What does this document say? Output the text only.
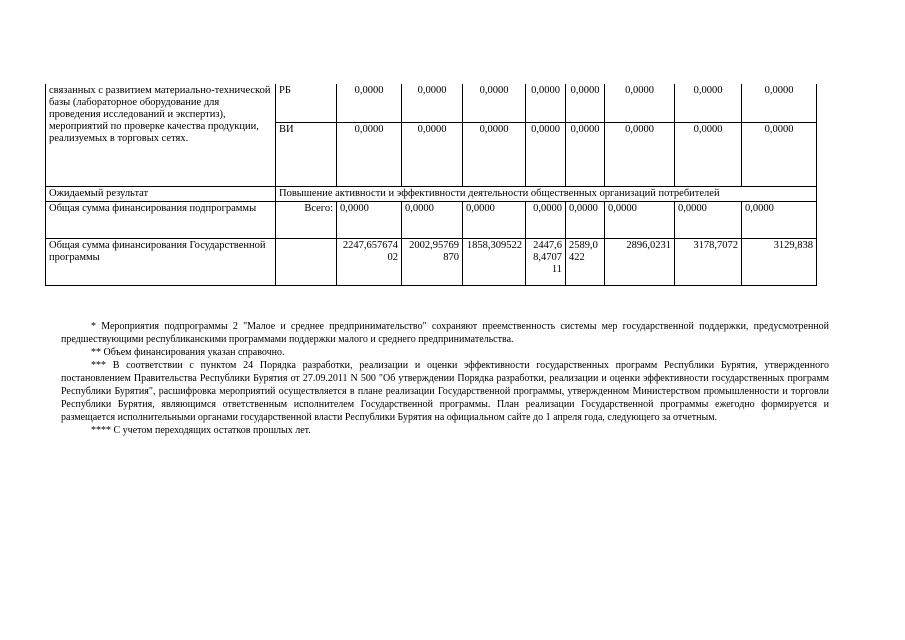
связанных с развитием материально-технической базы (лабораторное оборудование для проведения исследований и экспертиз), мероприятий по проверке качества продукции, реализуемых в торговых сетях.	РБ	0,0000	0,0000	0,0000	0,0000	0,0000	0,0000	0,0000	0,0000
	ВИ	0,0000	0,0000	0,0000	0,0000	0,0000	0,0000	0,0000	0,0000
Ожидаемый результат	Повышение активности и эффективности деятельности общественных организаций потребителей								
Общая сумма финансирования подпрограммы	Всего:	0,0000	0,0000	0,0000	0,0000	0,0000	0,0000	0,0000	0,0000
Общая сумма финансирования Государственной программы		2247,65767402	2002,95769870	1858,309522	2447,68,470711	2589,0422	2896,0231	3178,7072	3129,838

* Мероприятия подпрограммы 2 "Малое и среднее предпринимательство" сохраняют преемственность системы мер государственной поддержки, предусмотренной предшествующими республиканскими программами поддержки малого и среднего предпринимательства.

** Объем финансирования указан справочно.

*** В соответствии с пунктом 24 Порядка разработки, реализации и оценки эффективности государственных программ Республики Бурятия, утвержденного постановлением Правительства Республики Бурятия от 27.09.2011 N 500 "Об утверждении Порядка разработки, реализации и оценки эффективности государственных программ Республики Бурятия", расшифровка мероприятий осуществляется в плане реализации Государственной программы, утвержденном Министерством промышленности и торговли Республики Бурятия, являющимся ответственным исполнителем Государственной программы. План реализации Государственной программы ежегодно формируется и размещается исполнительными органами государственной власти Республики Бурятия на официальном сайте до 1 апреля года, следующего за отчетным.

**** С учетом переходящих остатков прошлых лет.
